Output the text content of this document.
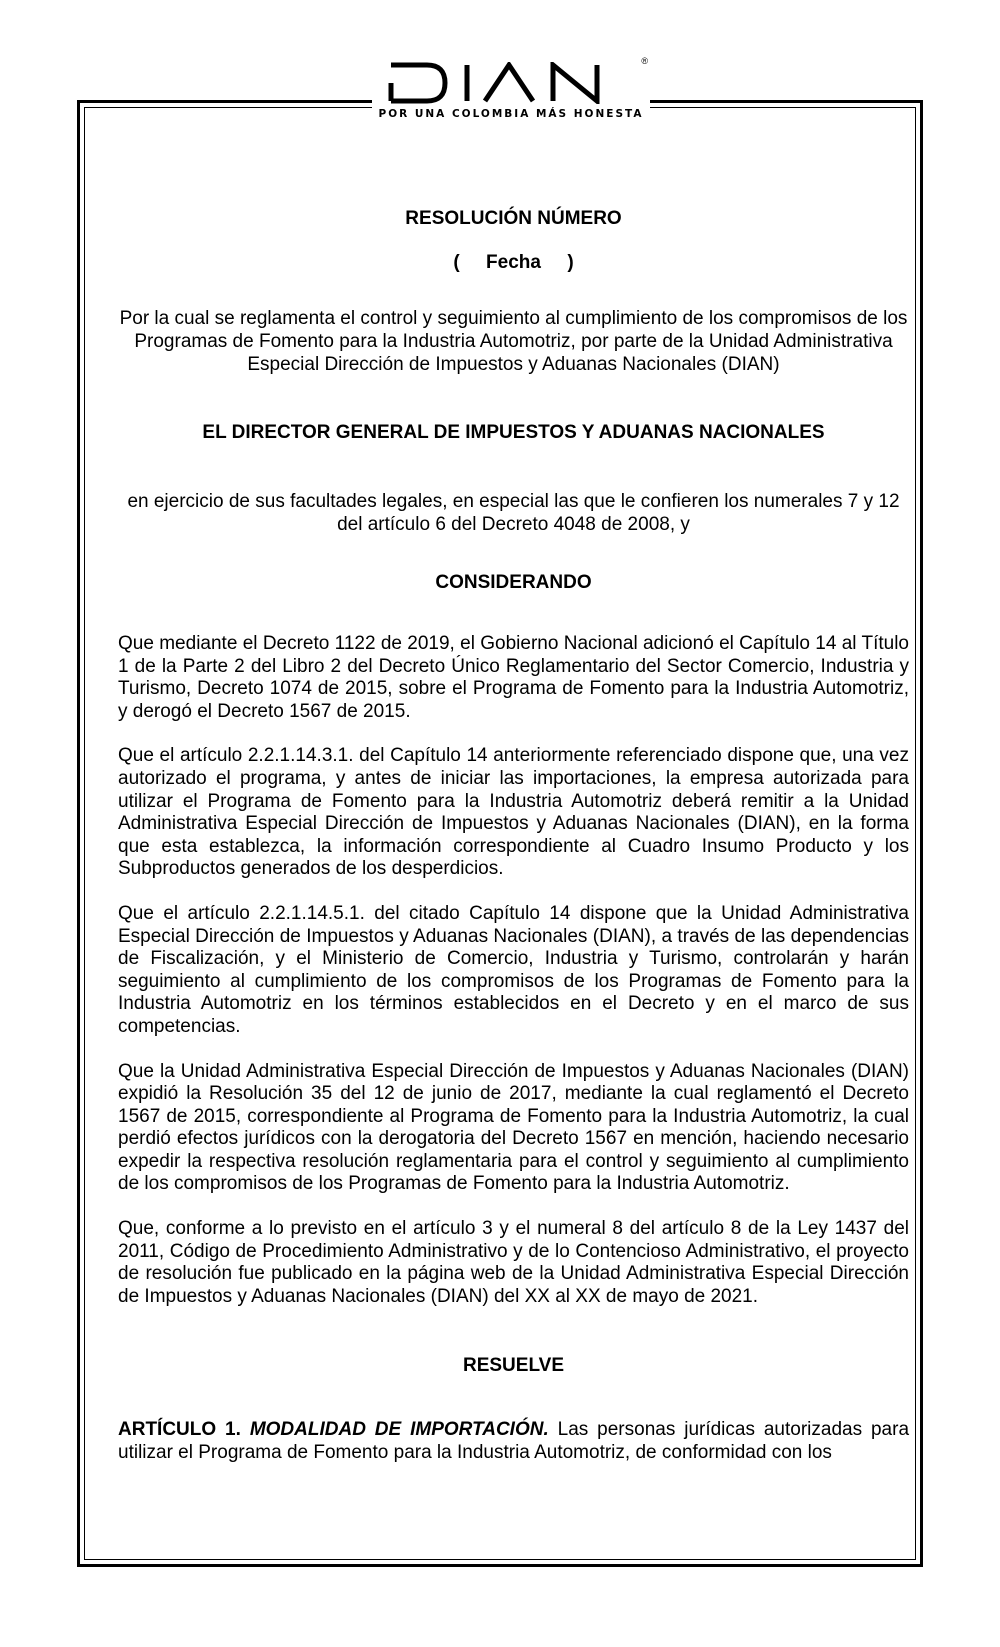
®
POR UNA COLOMBIA MÁS HONESTA

RESOLUCIÓN NÚMERO

(     Fecha     )

Por la cual se reglamenta el control y seguimiento al cumplimiento de los compromisos de los Programas de Fomento para la Industria Automotriz, por parte de la Unidad Administrativa Especial Dirección de Impuestos y Aduanas Nacionales (DIAN)

EL DIRECTOR GENERAL DE IMPUESTOS Y ADUANAS NACIONALES

en ejercicio de sus facultades legales, en especial las que le confieren los numerales 7 y 12 del artículo 6 del Decreto 4048 de 2008, y

CONSIDERANDO

Que mediante el Decreto 1122 de 2019, el Gobierno Nacional adicionó el Capítulo 14 al Título 1 de la Parte 2 del Libro 2 del Decreto Único Reglamentario del Sector Comercio, Industria y Turismo, Decreto 1074 de 2015, sobre el Programa de Fomento para la Industria Automotriz, y derogó el Decreto 1567 de 2015.

Que el artículo 2.2.1.14.3.1. del Capítulo 14 anteriormente referenciado dispone que, una vez autorizado el programa, y antes de iniciar las importaciones, la empresa autorizada para utilizar el Programa de Fomento para la Industria Automotriz deberá remitir a la Unidad Administrativa Especial Dirección de Impuestos y Aduanas Nacionales (DIAN), en la forma que esta establezca, la información correspondiente al Cuadro Insumo Producto y los Subproductos generados de los desperdicios.

Que el artículo 2.2.1.14.5.1. del citado Capítulo 14 dispone que la Unidad Administrativa Especial Dirección de Impuestos y Aduanas Nacionales (DIAN), a través de las dependencias de Fiscalización, y el Ministerio de Comercio, Industria y Turismo, controlarán y harán seguimiento al cumplimiento de los compromisos de los Programas de Fomento para la Industria Automotriz en los términos establecidos en el Decreto y en el marco de sus competencias.

Que la Unidad Administrativa Especial Dirección de Impuestos y Aduanas Nacionales (DIAN) expidió la Resolución 35 del 12 de junio de 2017, mediante la cual reglamentó el Decreto 1567 de 2015, correspondiente al Programa de Fomento para la Industria Automotriz, la cual perdió efectos jurídicos con la derogatoria del Decreto 1567 en mención, haciendo necesario expedir la respectiva resolución reglamentaria para el control y seguimiento al cumplimiento de los compromisos de los Programas de Fomento para la Industria Automotriz.

Que, conforme a lo previsto en el artículo 3 y el numeral 8 del artículo 8 de la Ley 1437 del 2011, Código de Procedimiento Administrativo y de lo Contencioso Administrativo, el proyecto de resolución fue publicado en la página web de la Unidad Administrativa Especial Dirección de Impuestos y Aduanas Nacionales (DIAN) del XX al XX de mayo de 2021.

RESUELVE

ARTÍCULO 1. MODALIDAD DE IMPORTACIÓN. Las personas jurídicas autorizadas para utilizar el Programa de Fomento para la Industria Automotriz, de conformidad con los
